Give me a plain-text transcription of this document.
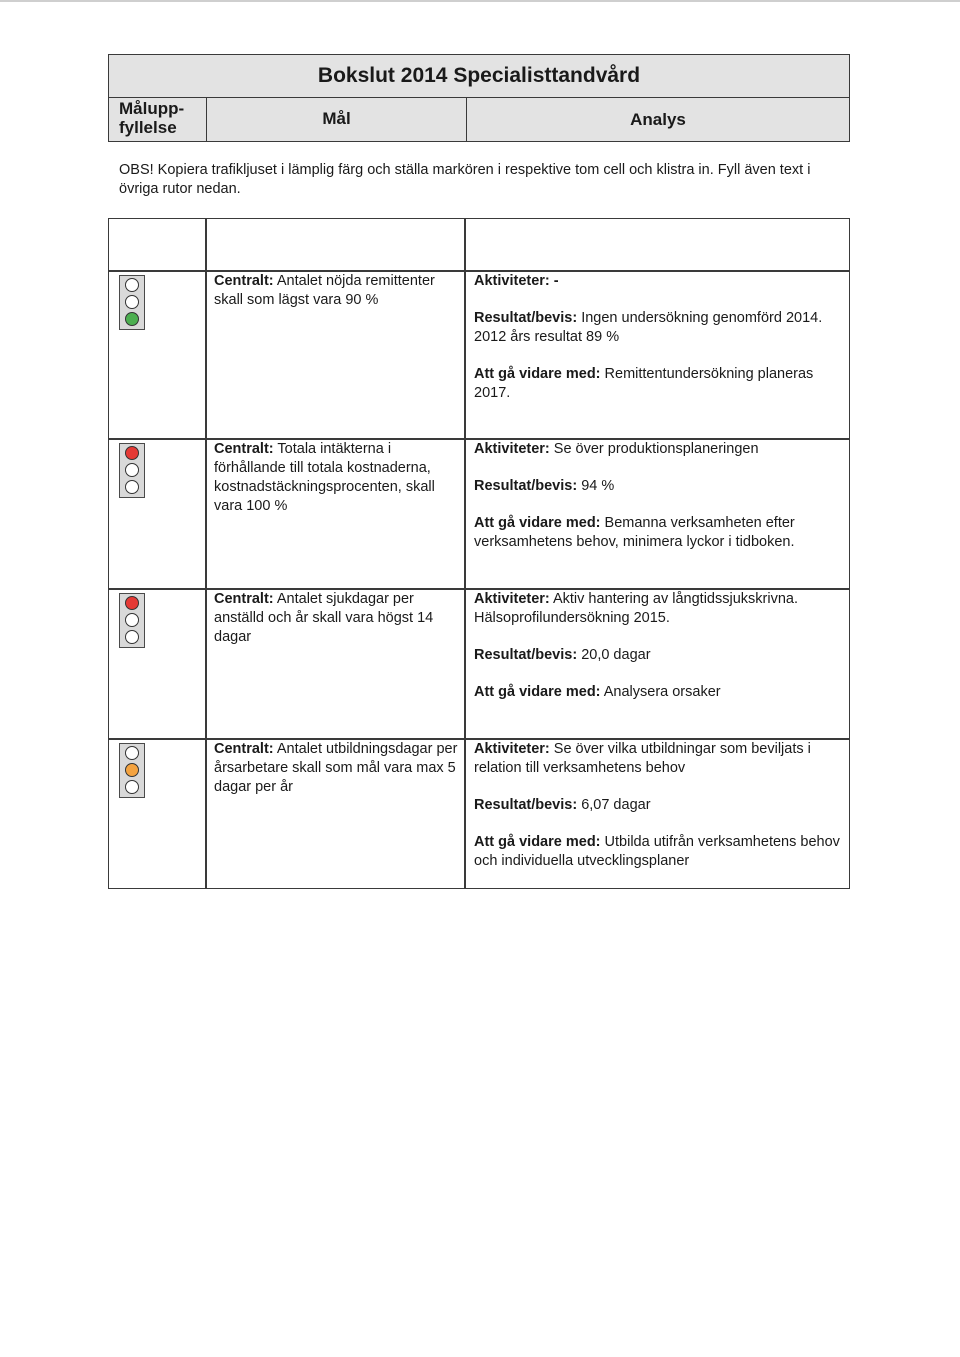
Bokslut 2014 Specialisttandvård
Målupp-
fyllelse	Mål	Analys
OBS! Kopiera trafikljuset i lämplig färg och ställa markören i respektive tom cell och klistra in. Fyll även text i övriga rutor nedan.
Centralt: Antalet nöjda remittenter skall som lägst vara 90 %

Aktiviteter: -

Resultat/bevis: Ingen undersökning genomförd 2014. 2012 års resultat 89 %

Att gå vidare med: Remittentundersökning planeras 2017.

Centralt: Totala intäkterna i förhållande till totala kostnaderna, kostnadstäckningsprocenten, skall vara 100 %

Aktiviteter: Se över produktionsplaneringen

Resultat/bevis: 94 %

Att gå vidare med: Bemanna verksamheten efter verksamhetens behov, minimera lyckor i tidboken.

Centralt: Antalet sjukdagar per anställd och år skall vara högst 14 dagar

Aktiviteter: Aktiv hantering av långtidssjukskrivna. Hälsoprofilundersökning 2015.

Resultat/bevis: 20,0 dagar

Att gå vidare med: Analysera orsaker

Centralt: Antalet utbildningsdagar per årsarbetare skall som mål vara max 5 dagar per år

Aktiviteter: Se över vilka utbildningar som beviljats i relation till verksamhetens behov

Resultat/bevis: 6,07 dagar

Att gå vidare med: Utbilda utifrån verksamhetens behov och individuella utvecklingsplaner
